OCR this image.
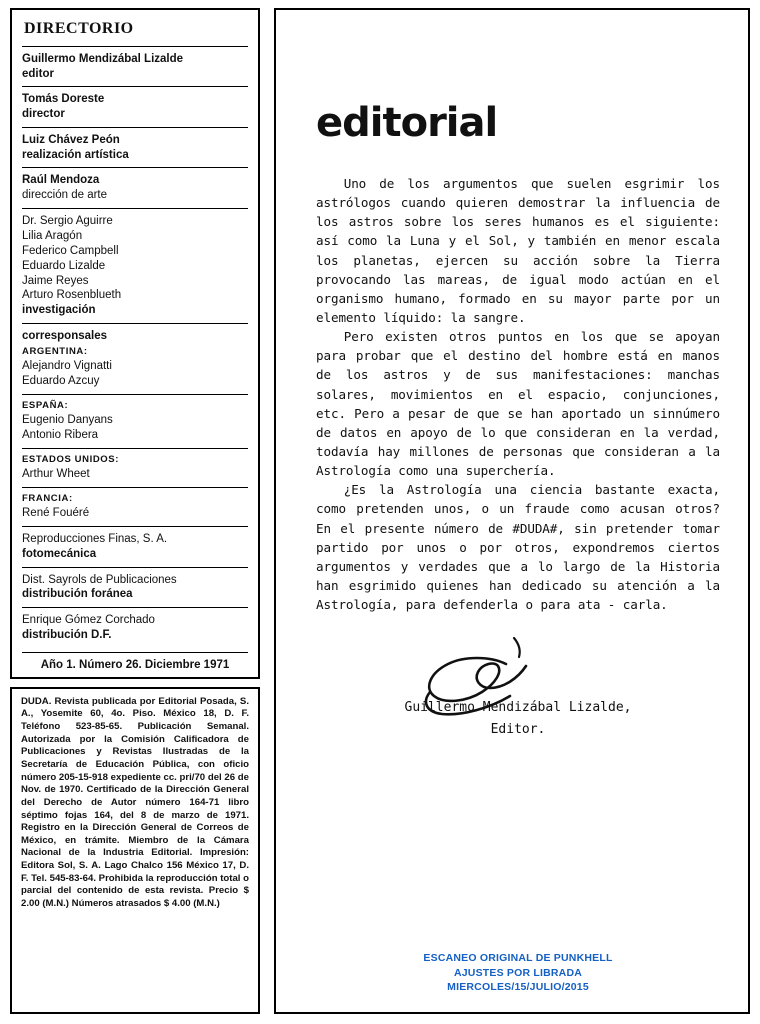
DIRECTORIO
Guillermo Mendizábal Lizalde
editor
Tomás Doreste
director
Luiz Chávez Peón
realización artística
Raúl Mendoza
dirección de arte
Dr. Sergio Aguirre
Lilia Aragón
Federico Campbell
Eduardo Lizalde
Jaime Reyes
Arturo Rosenblueth
investigación
corresponsales
ARGENTINA:
Alejandro Vignatti
Eduardo Azcuy
ESPAÑA:
Eugenio Danyans
Antonio Ribera
ESTADOS UNIDOS:
Arthur Wheet
FRANCIA:
René Fouéré
Reproducciones Finas, S. A.
fotomecánica
Dist. Sayrols de Publicaciones
distribución foránea
Enrique Gómez Corchado
distribución D.F.
Año 1. Número 26. Diciembre 1971

DUDA. Revista publicada por Editorial Posada, S. A., Yosemite 60, 4o. Piso. México 18, D. F. Teléfono 523-85-65. Publicación Semanal. Autorizada por la Comisión Calificadora de Publicaciones y Revistas Ilustradas de la Secretaría de Educación Pública, con oficio número 205-15-918 expediente cc. pri/70 del 26 de Nov. de 1970. Certificado de la Dirección General del Derecho de Autor número 164-71 libro séptimo fojas 164, del 8 de marzo de 1971. Registro en la Dirección General de Correos de México, en trámite. Miembro de la Cámara Nacional de la Industria Editorial. Impresión: Editora Sol, S. A. Lago Chalco 156 México 17, D. F. Tel. 545-83-64. Prohibida la reproducción total o parcial del contenido de esta revista. Precio $ 2.00 (M.N.) Números atrasados $ 4.00 (M.N.)

editorial

Uno de los argumentos que suelen esgrimir los astrólogos cuando quieren demostrar la influencia de los astros sobre los seres humanos es el siguiente: así como la Luna y el Sol, y también en menor escala los planetas, ejercen su acción sobre la Tierra provocando las mareas, de igual modo actúan en el organismo humano, formado en su mayor parte por un elemento líquido: la sangre.

Pero existen otros puntos en los que se apoyan para probar que el destino del hombre está en manos de los astros y de sus manifestaciones: manchas solares, movimientos en el espacio, conjunciones, etc. Pero a pesar de que se han aportado un sinnúmero de datos en apoyo de lo que consideran en la verdad, todavía hay millones de personas que consideran a la Astrología como una superchería.

¿Es la Astrología una ciencia bastante exacta, como pretenden unos, o un fraude como acusan otros? En el presente número de #DUDA#, sin pretender tomar partido por unos o por otros, expondremos ciertos argumentos y verdades que a lo largo de la Historia han esgrimido quienes han dedicado su atención a la Astrología, para defenderla o para ata - carla.

Guillermo Mendizábal Lizalde,
Editor.
ESCANEO ORIGINAL DE PUNKHELL
AJUSTES POR LIBRADA
MIERCOLES/15/JULIO/2015
